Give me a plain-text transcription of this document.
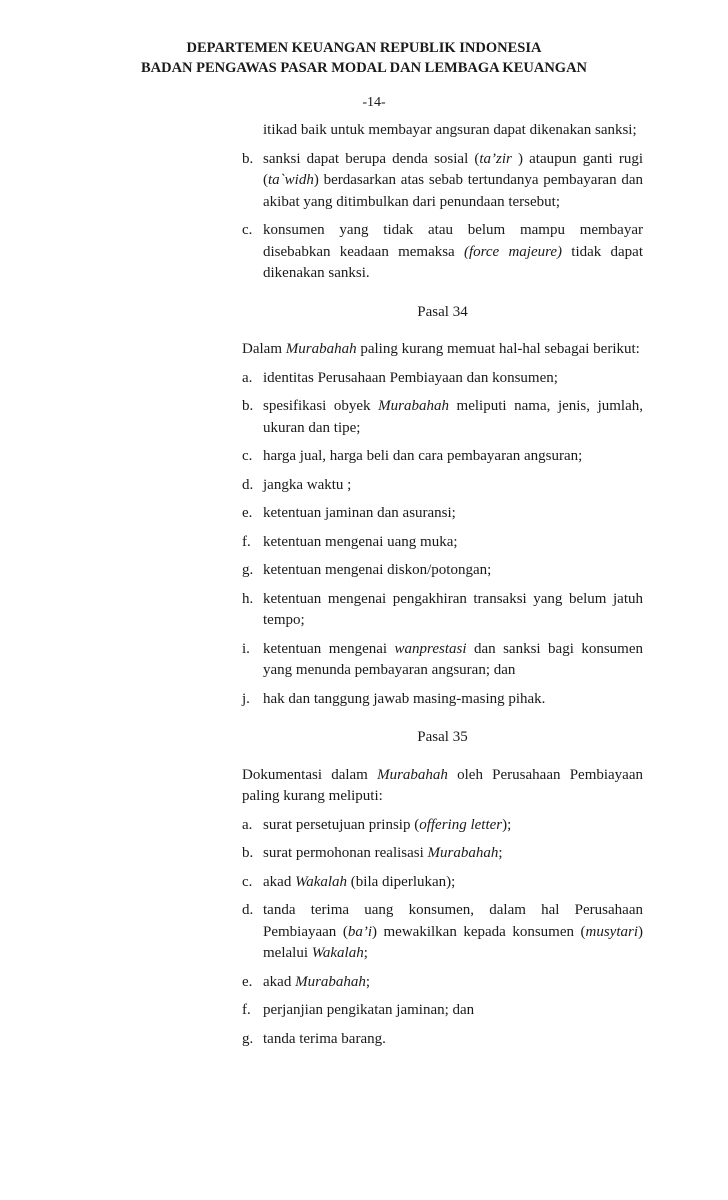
DEPARTEMEN KEUANGAN REPUBLIK INDONESIA
BADAN PENGAWAS PASAR MODAL DAN LEMBAGA KEUANGAN
-14-
itikad baik untuk membayar angsuran dapat dikenakan sanksi;
b. sanksi dapat berupa denda sosial (ta’zir ) ataupun ganti rugi (ta`widh) berdasarkan atas sebab tertundanya pembayaran dan akibat yang ditimbulkan dari penundaan tersebut;
c. konsumen yang tidak atau belum mampu membayar disebabkan keadaan memaksa (force majeure) tidak dapat dikenakan sanksi.
Pasal 34
Dalam Murabahah paling kurang memuat hal-hal sebagai berikut:
a. identitas Perusahaan Pembiayaan dan konsumen;
b. spesifikasi obyek Murabahah meliputi nama, jenis, jumlah, ukuran dan tipe;
c. harga jual, harga beli dan cara pembayaran angsuran;
d. jangka waktu ;
e. ketentuan jaminan dan asuransi;
f. ketentuan mengenai uang muka;
g. ketentuan mengenai diskon/potongan;
h. ketentuan mengenai pengakhiran transaksi yang belum jatuh tempo;
i. ketentuan mengenai wanprestasi dan sanksi bagi konsumen yang menunda pembayaran angsuran; dan
j. hak dan tanggung jawab masing-masing pihak.
Pasal 35
Dokumentasi dalam Murabahah oleh Perusahaan Pembiayaan paling kurang meliputi:
a. surat persetujuan prinsip (offering letter);
b. surat permohonan realisasi Murabahah;
c. akad Wakalah (bila diperlukan);
d. tanda terima uang konsumen, dalam hal Perusahaan Pembiayaan (ba’i) mewakilkan kepada konsumen (musytari) melalui Wakalah;
e. akad Murabahah;
f. perjanjian pengikatan jaminan; dan
g. tanda terima barang.
